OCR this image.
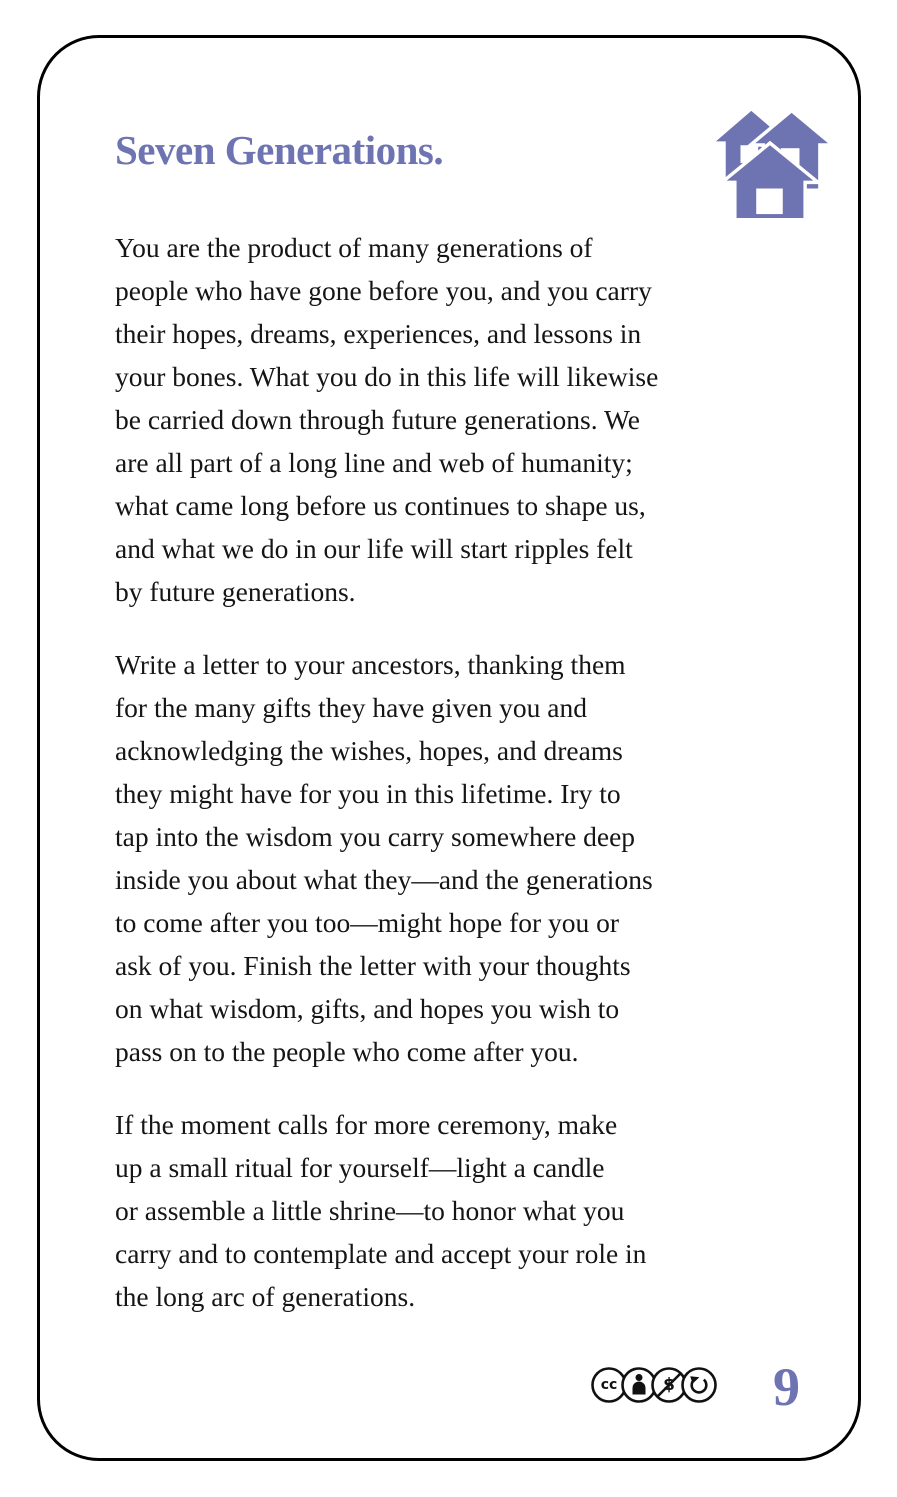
Seven Generations.

You are the product of many generations of
people who have gone before you, and you carry
their hopes, dreams, experiences, and lessons in
your bones. What you do in this life will likewise
be carried down through future generations. We
are all part of a long line and web of humanity;
what came long before us continues to shape us,
and what we do in our life will start ripples felt
by future generations.

Write a letter to your ancestors, thanking them
for the many gifts they have given you and
acknowledging the wishes, hopes, and dreams
they might have for you in this lifetime. Iry to
tap into the wisdom you carry somewhere deep
inside you about what they—and the generations
to come after you too—might hope for you or
ask of you. Finish the letter with your thoughts
on what wisdom, gifts, and hopes you wish to
pass on to the people who come after you.

If the moment calls for more ceremony, make
up a small ritual for yourself—light a candle
or assemble a little shrine—to honor what you
carry and to contemplate and accept your role in
the long arc of generations.

cc	$ 9
